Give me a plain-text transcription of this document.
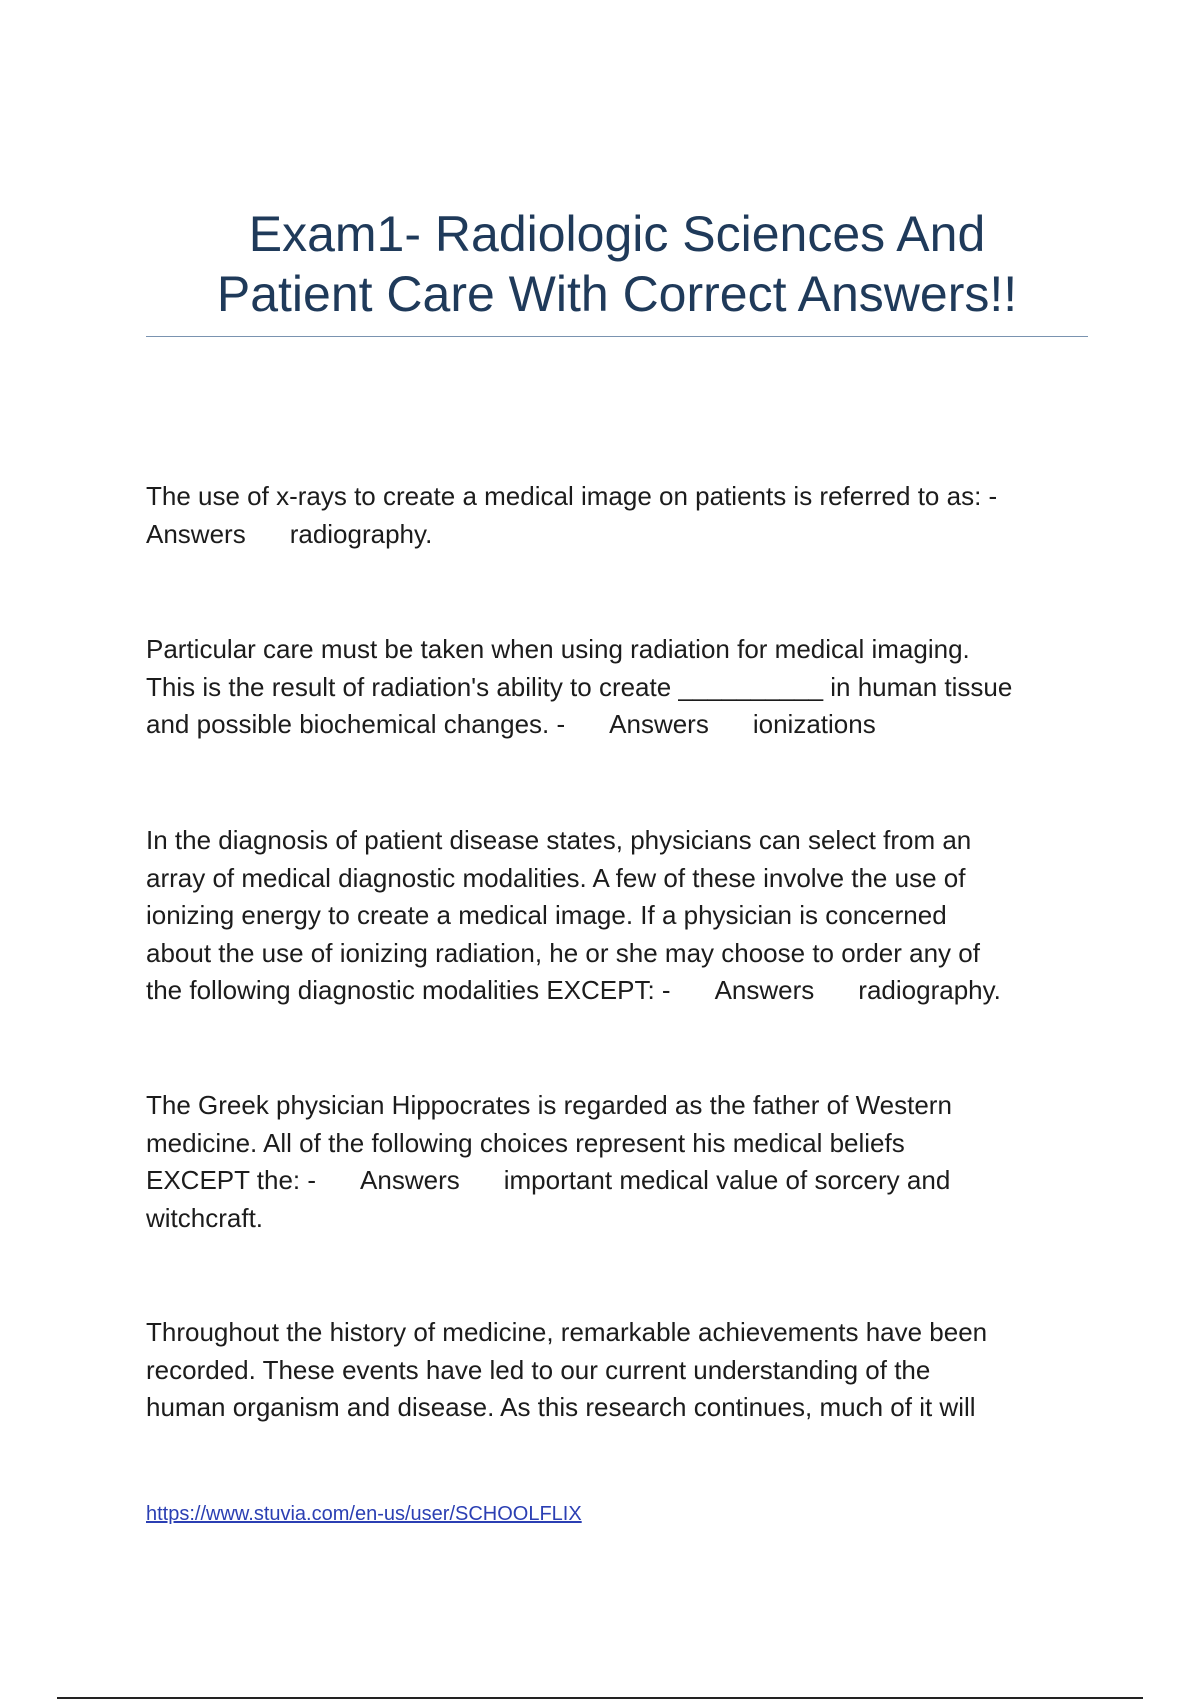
Exam1- Radiologic Sciences And
Patient Care With Correct Answers!!
The use of x-rays to create a medical image on patients is referred to as: -
Answers radiography.
Particular care must be taken when using radiation for medical imaging.
This is the result of radiation's ability to create __________ in human tissue
and possible biochemical changes. - Answers ionizations
In the diagnosis of patient disease states, physicians can select from an
array of medical diagnostic modalities. A few of these involve the use of
ionizing energy to create a medical image. If a physician is concerned
about the use of ionizing radiation, he or she may choose to order any of
the following diagnostic modalities EXCEPT: - Answers radiography.
The Greek physician Hippocrates is regarded as the father of Western
medicine. All of the following choices represent his medical beliefs
EXCEPT the: - Answers important medical value of sorcery and
witchcraft.
Throughout the history of medicine, remarkable achievements have been
recorded. These events have led to our current understanding of the
human organism and disease. As this research continues, much of it will
https://www.stuvia.com/en-us/user/SCHOOLFLIX
